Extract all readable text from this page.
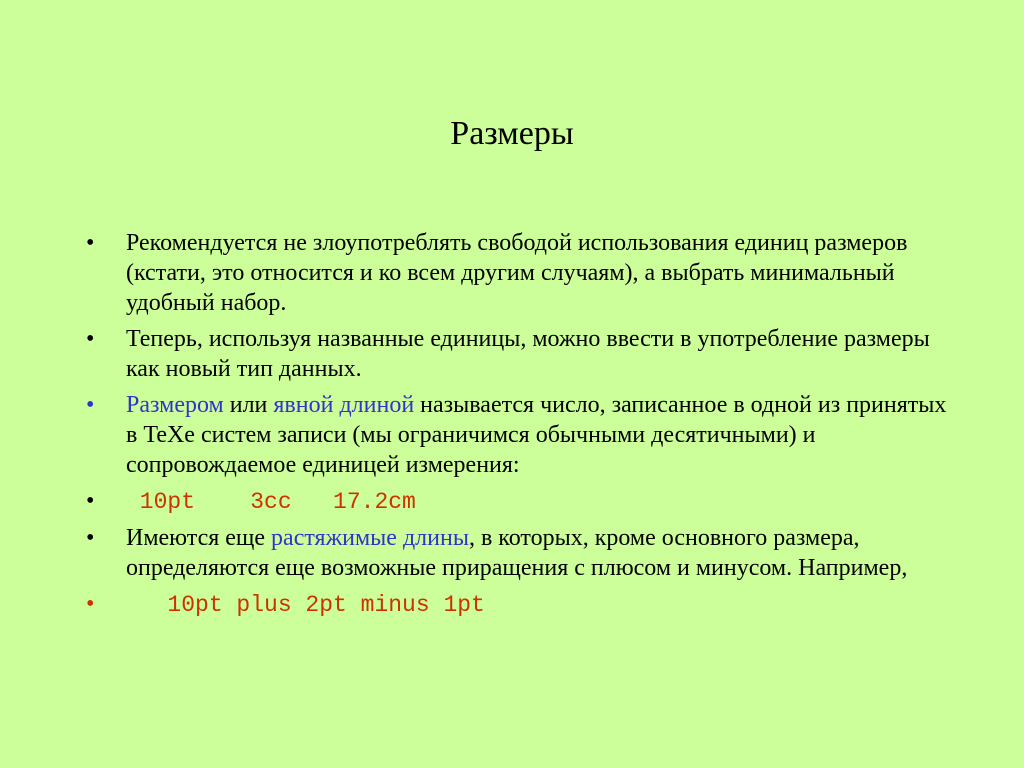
Размеры
•	Рекомендуется не злоупотреблять свободой использования единиц размеров (кстати, это относится и ко всем другим случаям), а выбрать минимальный удобный набор.
•	Теперь, используя названные единицы, можно ввести в употребление размеры как новый тип данных.
•	Размером или явной длиной называется число, записанное в одной из принятых в TeXe систем записи (мы ограничимся обычными десятичными) и сопровождаемое единицей измерения:
•	10pt    3cc   17.2cm
•	Имеются еще растяжимые длины, в которых, кроме основного размера, определяются еще возможные приращения с плюсом и минусом. Например,
•	10pt plus 2pt minus 1pt
